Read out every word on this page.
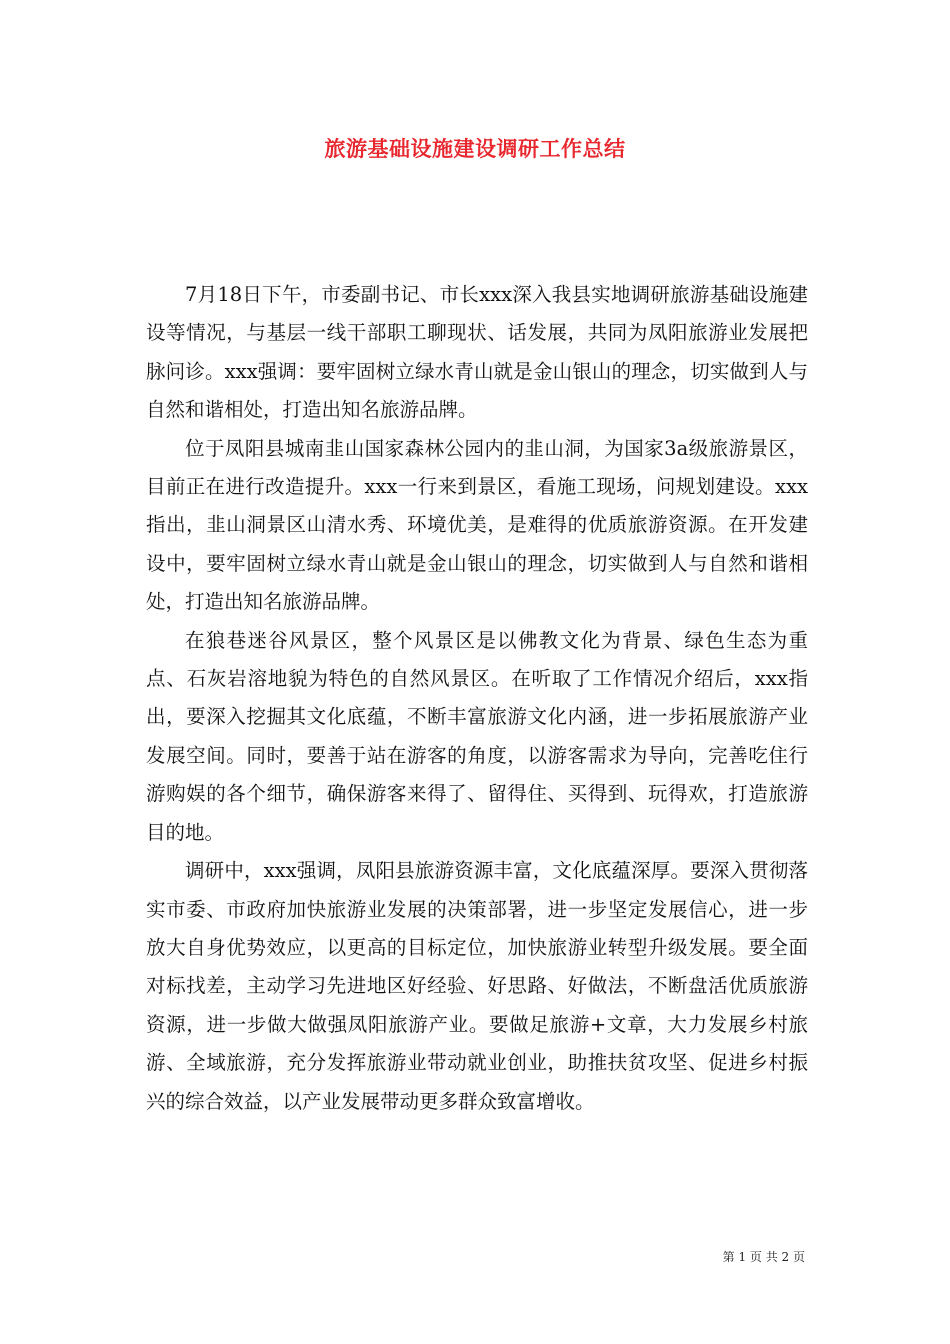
旅游基础设施建设调研工作总结

7月18日下午，市委副书记、市长xxx深入我县实地调研旅游基础设施建设等情况，与基层一线干部职工聊现状、话发展，共同为凤阳旅游业发展把脉问诊。xxx强调：要牢固树立绿水青山就是金山银山的理念，切实做到人与自然和谐相处，打造出知名旅游品牌。

位于凤阳县城南韭山国家森林公园内的韭山洞，为国家3a级旅游景区，目前正在进行改造提升。xxx一行来到景区，看施工现场，问规划建设。xxx指出，韭山洞景区山清水秀、环境优美，是难得的优质旅游资源。在开发建设中，要牢固树立绿水青山就是金山银山的理念，切实做到人与自然和谐相处，打造出知名旅游品牌。

在狼巷迷谷风景区，整个风景区是以佛教文化为背景、绿色生态为重点、石灰岩溶地貌为特色的自然风景区。在听取了工作情况介绍后，xxx指出，要深入挖掘其文化底蕴，不断丰富旅游文化内涵，进一步拓展旅游产业发展空间。同时，要善于站在游客的角度，以游客需求为导向，完善吃住行游购娱的各个细节，确保游客来得了、留得住、买得到、玩得欢，打造旅游目的地。

调研中，xxx强调，凤阳县旅游资源丰富，文化底蕴深厚。要深入贯彻落实市委、市政府加快旅游业发展的决策部署，进一步坚定发展信心，进一步放大自身优势效应，以更高的目标定位，加快旅游业转型升级发展。要全面对标找差，主动学习先进地区好经验、好思路、好做法，不断盘活优质旅游资源，进一步做大做强凤阳旅游产业。要做足旅游+文章，大力发展乡村旅游、全域旅游，充分发挥旅游业带动就业创业，助推扶贫攻坚、促进乡村振兴的综合效益，以产业发展带动更多群众致富增收。

第 1 页 共 2 页
